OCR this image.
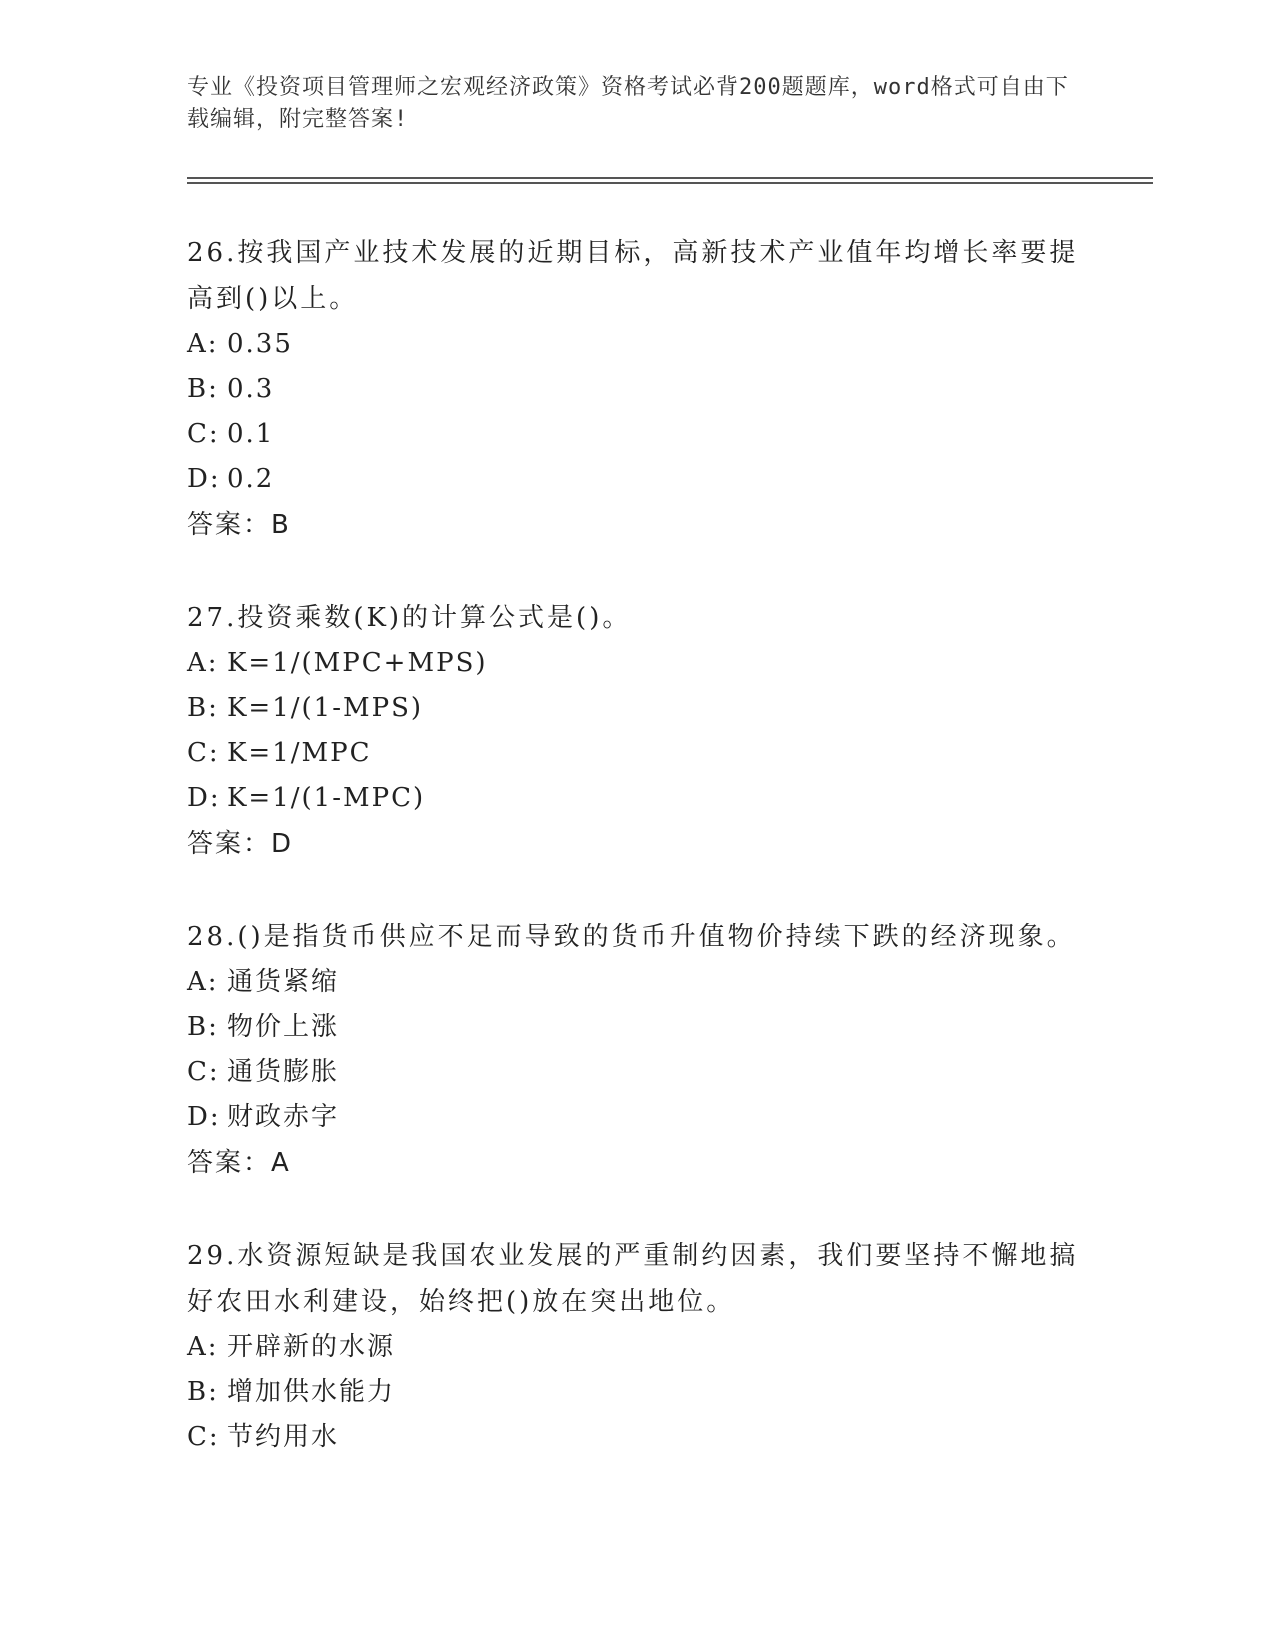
专业《投资项目管理师之宏观经济政策》资格考试必背200题题库，word格式可自由下载编辑，附完整答案!

26.按我国产业技术发展的近期目标，高新技术产业值年均增长率要提高到()以上。

A: 0.35

B: 0.3

C: 0.1

D: 0.2

答案：B

27.投资乘数(K)的计算公式是()。

A: K=1/(MPC+MPS)

B: K=1/(1-MPS)

C: K=1/MPC

D: K=1/(1-MPC)

答案：D

28.()是指货币供应不足而导致的货币升值物价持续下跌的经济现象。

A: 通货紧缩

B: 物价上涨

C: 通货膨胀

D: 财政赤字

答案：A

29.水资源短缺是我国农业发展的严重制约因素，我们要坚持不懈地搞好农田水利建设，始终把()放在突出地位。

A: 开辟新的水源

B: 增加供水能力

C: 节约用水
